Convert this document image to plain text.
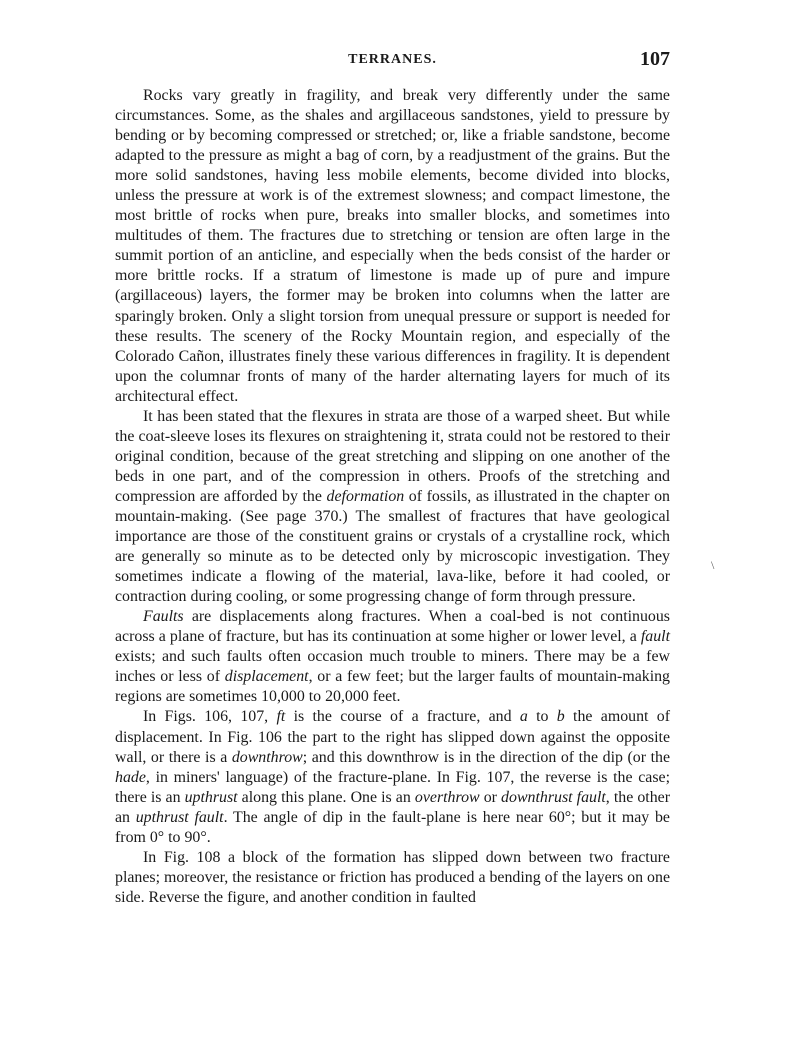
TERRANES.	107

Rocks vary greatly in fragility, and break very differently under the same circumstances. Some, as the shales and argillaceous sandstones, yield to pressure by bending or by becoming compressed or stretched; or, like a friable sandstone, become adapted to the pressure as might a bag of corn, by a readjustment of the grains. But the more solid sandstones, having less mobile elements, become divided into blocks, unless the pressure at work is of the extremest slowness; and compact limestone, the most brittle of rocks when pure, breaks into smaller blocks, and sometimes into multitudes of them. The fractures due to stretching or tension are often large in the summit portion of an anticline, and especially when the beds consist of the harder or more brittle rocks. If a stratum of limestone is made up of pure and impure (argillaceous) layers, the former may be broken into columns when the latter are sparingly broken. Only a slight torsion from unequal pressure or support is needed for these results. The scenery of the Rocky Mountain region, and especially of the Colorado Cañon, illustrates finely these various differences in fragility. It is dependent upon the columnar fronts of many of the harder alternating layers for much of its architectural effect.

It has been stated that the flexures in strata are those of a warped sheet. But while the coat-sleeve loses its flexures on straightening it, strata could not be restored to their original condition, because of the great stretching and slipping on one another of the beds in one part, and of the compression in others. Proofs of the stretching and compression are afforded by the deformation of fossils, as illustrated in the chapter on mountain-making. (See page 370.) The smallest of fractures that have geological importance are those of the constituent grains or crystals of a crystalline rock, which are generally so minute as to be detected only by microscopic investigation. They sometimes indicate a flowing of the material, lava-like, before it had cooled, or contraction during cooling, or some progressing change of form through pressure.

Faults are displacements along fractures. When a coal-bed is not continuous across a plane of fracture, but has its continuation at some higher or lower level, a fault exists; and such faults often occasion much trouble to miners. There may be a few inches or less of displacement, or a few feet; but the larger faults of mountain-making regions are sometimes 10,000 to 20,000 feet.

In Figs. 106, 107, ft is the course of a fracture, and a to b the amount of displacement. In Fig. 106 the part to the right has slipped down against the opposite wall, or there is a downthrow; and this downthrow is in the direction of the dip (or the hade, in miners' language) of the fracture-plane. In Fig. 107, the reverse is the case; there is an upthrust along this plane. One is an overthrow or downthrust fault, the other an upthrust fault. The angle of dip in the fault-plane is here near 60°; but it may be from 0° to 90°.

In Fig. 108 a block of the formation has slipped down between two fracture planes; moreover, the resistance or friction has produced a bending of the layers on one side. Reverse the figure, and another condition in faulted

\
